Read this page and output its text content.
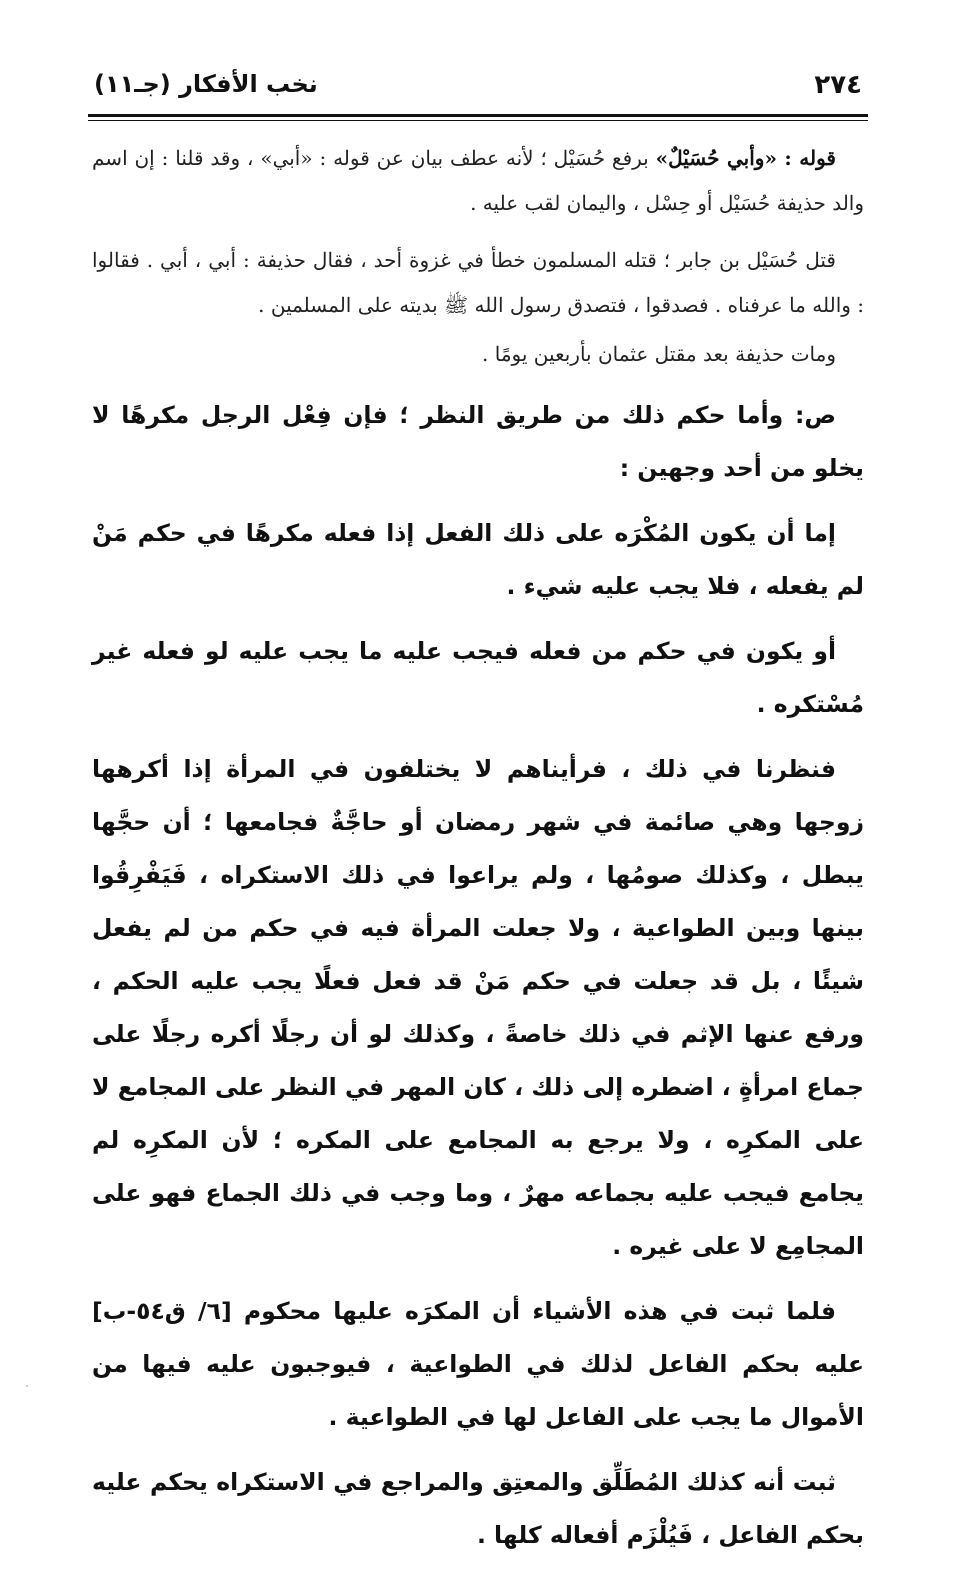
٢٧٤
نخب الأفكار (جـ١١)

قوله : «وأبي حُسَيْلٌ» برفع حُسَيْل ؛ لأنه عطف بيان عن قوله : «أبي» ، وقد قلنا : إن اسم والد حذيفة حُسَيْل أو حِسْل ، واليمان لقب عليه .

قتل حُسَيْل بن جابر ؛ قتله المسلمون خطأ في غزوة أحد ، فقال حذيفة : أبي ، أبي . فقالوا : والله ما عرفناه . فصدقوا ، فتصدق رسول الله ﷺ بديته على المسلمين .

ومات حذيفة بعد مقتل عثمان بأربعين يومًا .

ص: وأما حكم ذلك من طريق النظر ؛ فإن فِعْل الرجل مكرهًا لا يخلو من أحد وجهين :

إما أن يكون المُكْرَه على ذلك الفعل إذا فعله مكرهًا في حكم مَنْ لم يفعله ، فلا يجب عليه شيء .

أو يكون في حكم من فعله فيجب عليه ما يجب عليه لو فعله غير مُسْتكره .

فنظرنا في ذلك ، فرأيناهم لا يختلفون في المرأة إذا أكرهها زوجها وهي صائمة في شهر رمضان أو حاجَّةٌ فجامعها ؛ أن حجَّها يبطل ، وكذلك صومُها ، ولم يراعوا في ذلك الاستكراه ، فَيَفْرِقُوا بينها وبين الطواعية ، ولا جعلت المرأة فيه في حكم من لم يفعل شيئًا ، بل قد جعلت في حكم مَنْ قد فعل فعلًا يجب عليه الحكم ، ورفع عنها الإثم في ذلك خاصةً ، وكذلك لو أن رجلًا أكره رجلًا على جماع امرأةٍ ، اضطره إلى ذلك ، كان المهر في النظر على المجامع لا على المكرِه ، ولا يرجع به المجامع على المكره ؛ لأن المكرِه لم يجامع فيجب عليه بجماعه مهرٌ ، وما وجب في ذلك الجماع فهو على المجامِع لا على غيره .

فلما ثبت في هذه الأشياء أن المكرَه عليها محكوم [٦/ ق٥٤-ب] عليه بحكم الفاعل لذلك في الطواعية ، فيوجبون عليه فيها من الأموال ما يجب على الفاعل لها في الطواعية .

ثبت أنه كذلك المُطَلِّق والمعتِق والمراجع في الاستكراه يحكم عليه بحكم الفاعل ، فَيُلْزَم أفعاله كلها .
